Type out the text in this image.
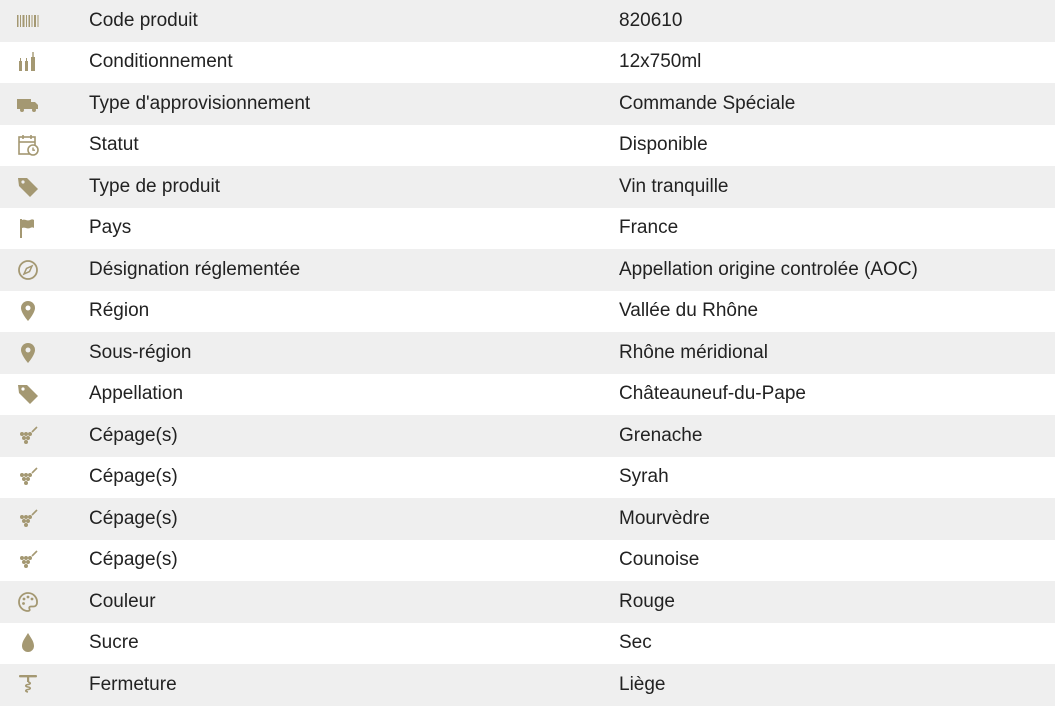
Code produit	820610
Conditionnement	12x750ml
Type d'approvisionnement	Commande Spéciale
Statut	Disponible
Type de produit	Vin tranquille
Pays	France
Désignation réglementée	Appellation origine controlée (AOC)
Région	Vallée du Rhône
Sous-région	Rhône méridional
Appellation	Châteauneuf-du-Pape
Cépage(s)	Grenache
Cépage(s)	Syrah
Cépage(s)	Mourvèdre
Cépage(s)	Counoise
Couleur	Rouge
Sucre	Sec
Fermeture	Liège
